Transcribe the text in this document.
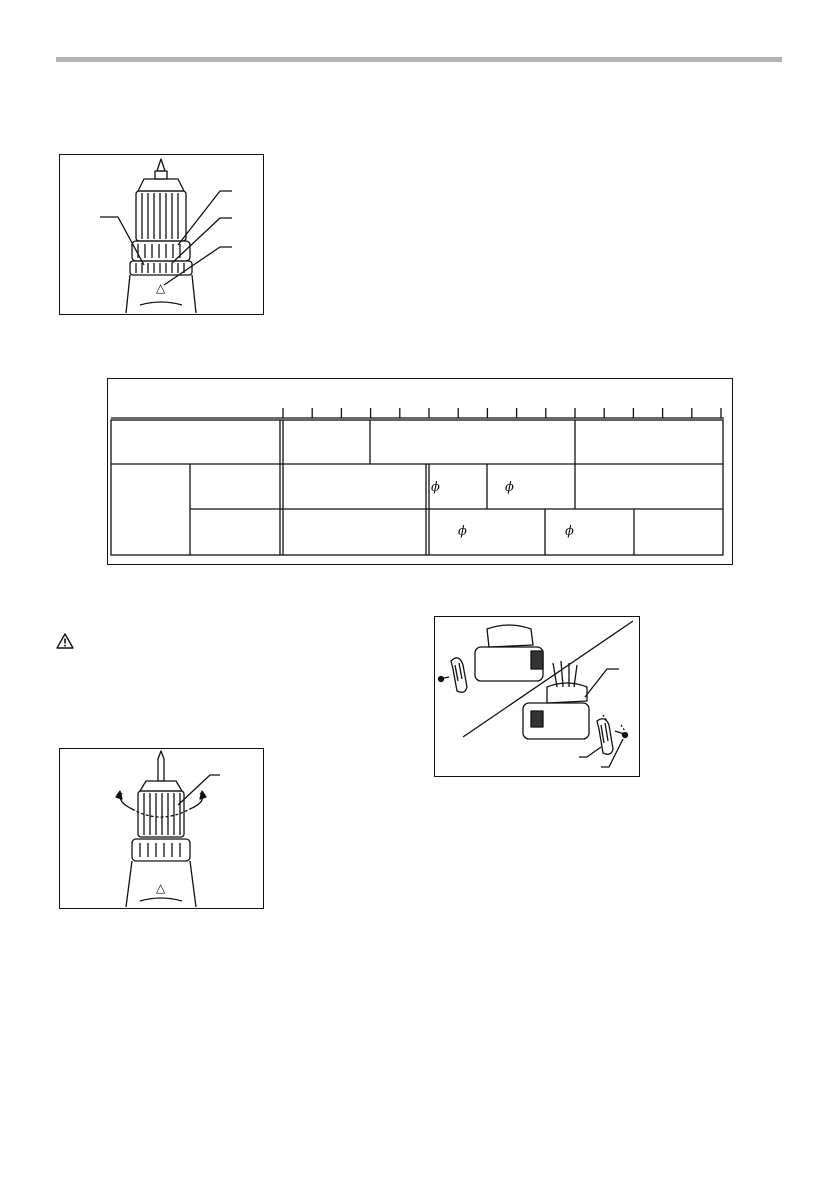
△
ϕ	ϕ
ϕ	ϕ
△
